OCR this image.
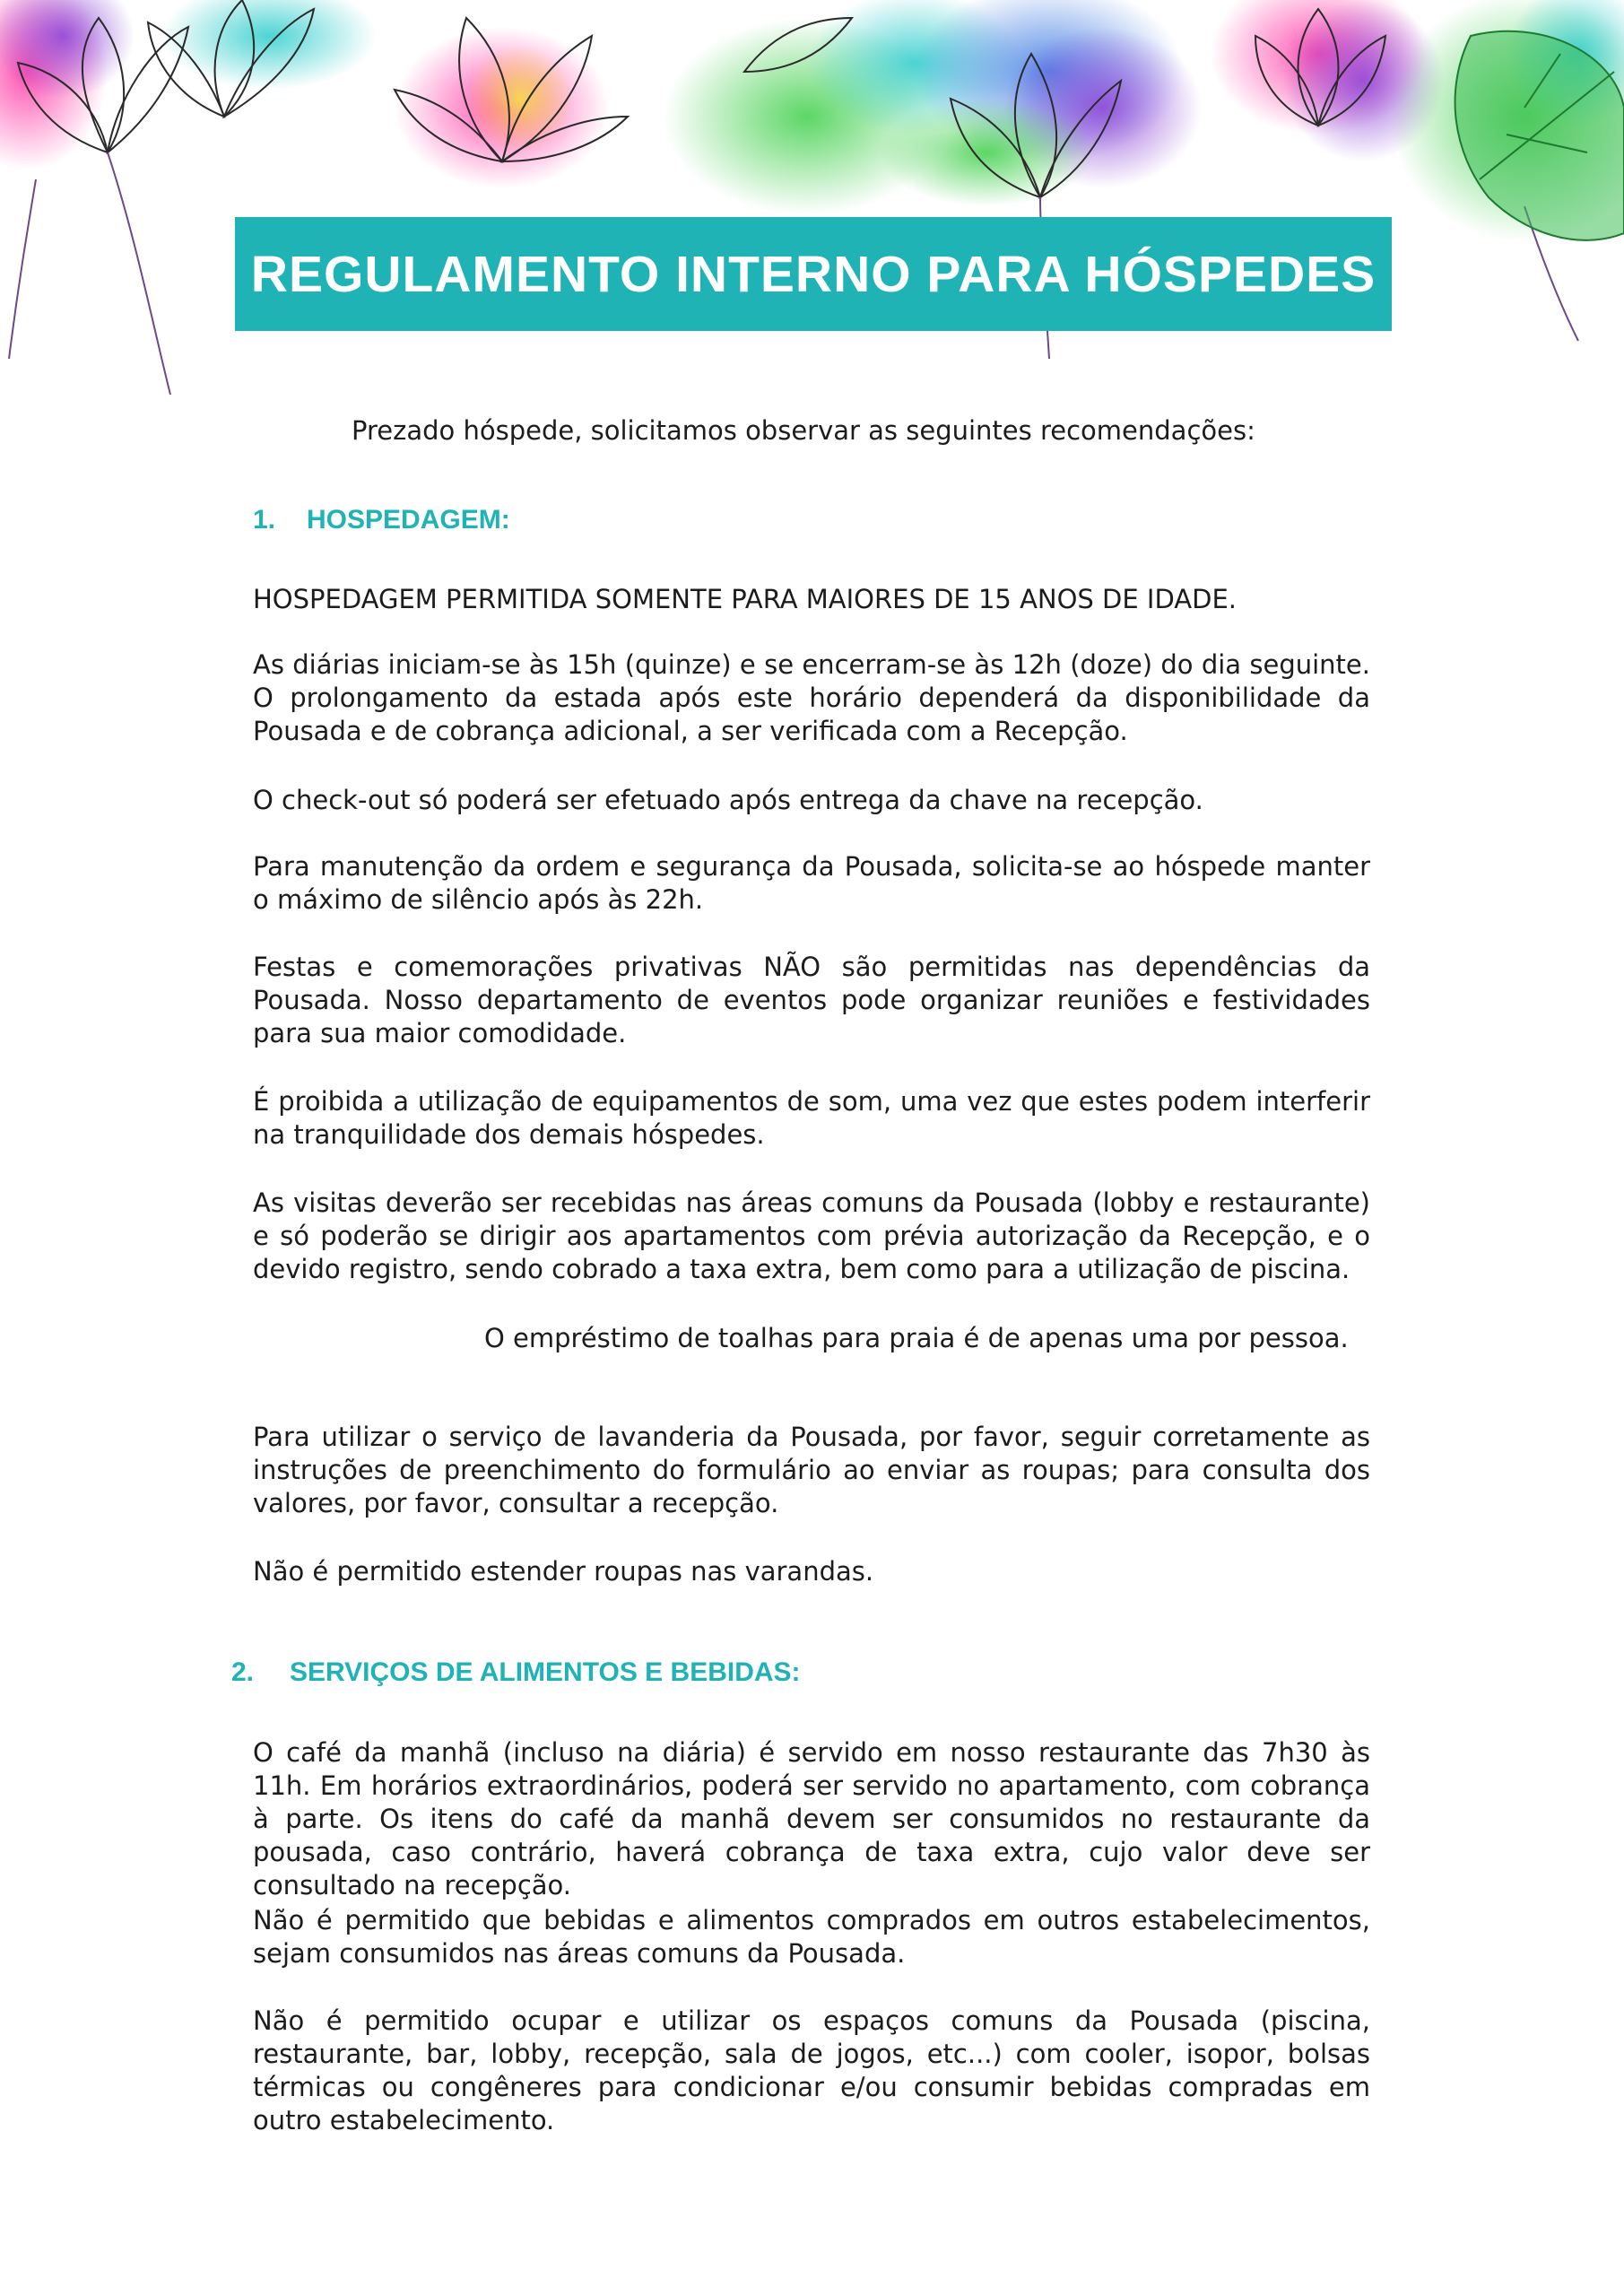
REGULAMENTO INTERNO PARA HÓSPEDES
Prezado hóspede, solicitamos observar as seguintes recomendações:
1.	HOSPEDAGEM:

HOSPEDAGEM PERMITIDA SOMENTE PARA MAIORES DE 15 ANOS DE IDADE.

As diárias iniciam-se às 15h (quinze) e se encerram-se às 12h (doze) do dia seguinte. O prolongamento da estada após este horário dependerá da disponibilidade da Pousada e de cobrança adicional, a ser verificada com a Recepção.

O check-out só poderá ser efetuado após entrega da chave na recepção.

Para manutenção da ordem e segurança da Pousada, solicita-se ao hóspede manter o máximo de silêncio após às 22h.

Festas e comemorações privativas NÃO são permitidas nas dependências da Pousada. Nosso departamento de eventos pode organizar reuniões e festividades para sua maior comodidade.

É proibida a utilização de equipamentos de som, uma vez que estes podem interferir na tranquilidade dos demais hóspedes.

As visitas deverão ser recebidas nas áreas comuns da Pousada (lobby e restaurante) e só poderão se dirigir aos apartamentos com prévia autorização da Recepção, e o devido registro, sendo cobrado a taxa extra, bem como para a utilização de piscina.

O empréstimo de toalhas para praia é de apenas uma por pessoa.

Para utilizar o serviço de lavanderia da Pousada, por favor, seguir corretamente as instruções de preenchimento do formulário ao enviar as roupas; para consulta dos valores, por favor, consultar a recepção.

Não é permitido estender roupas nas varandas.

2.	SERVIÇOS DE ALIMENTOS E BEBIDAS:

O café da manhã (incluso na diária) é servido em nosso restaurante das 7h30 às 11h. Em horários extraordinários, poderá ser servido no apartamento, com cobrança à parte. Os itens do café da manhã devem ser consumidos no restaurante da pousada, caso contrário, haverá cobrança de taxa extra, cujo valor deve ser consultado na recepção.

Não é permitido que bebidas e alimentos comprados em outros estabelecimentos, sejam consumidos nas áreas comuns da Pousada.

Não é permitido ocupar e utilizar os espaços comuns da Pousada (piscina, restaurante, bar, lobby, recepção, sala de jogos, etc...) com cooler, isopor, bolsas térmicas ou congêneres para condicionar e/ou consumir bebidas compradas em outro estabelecimento.
